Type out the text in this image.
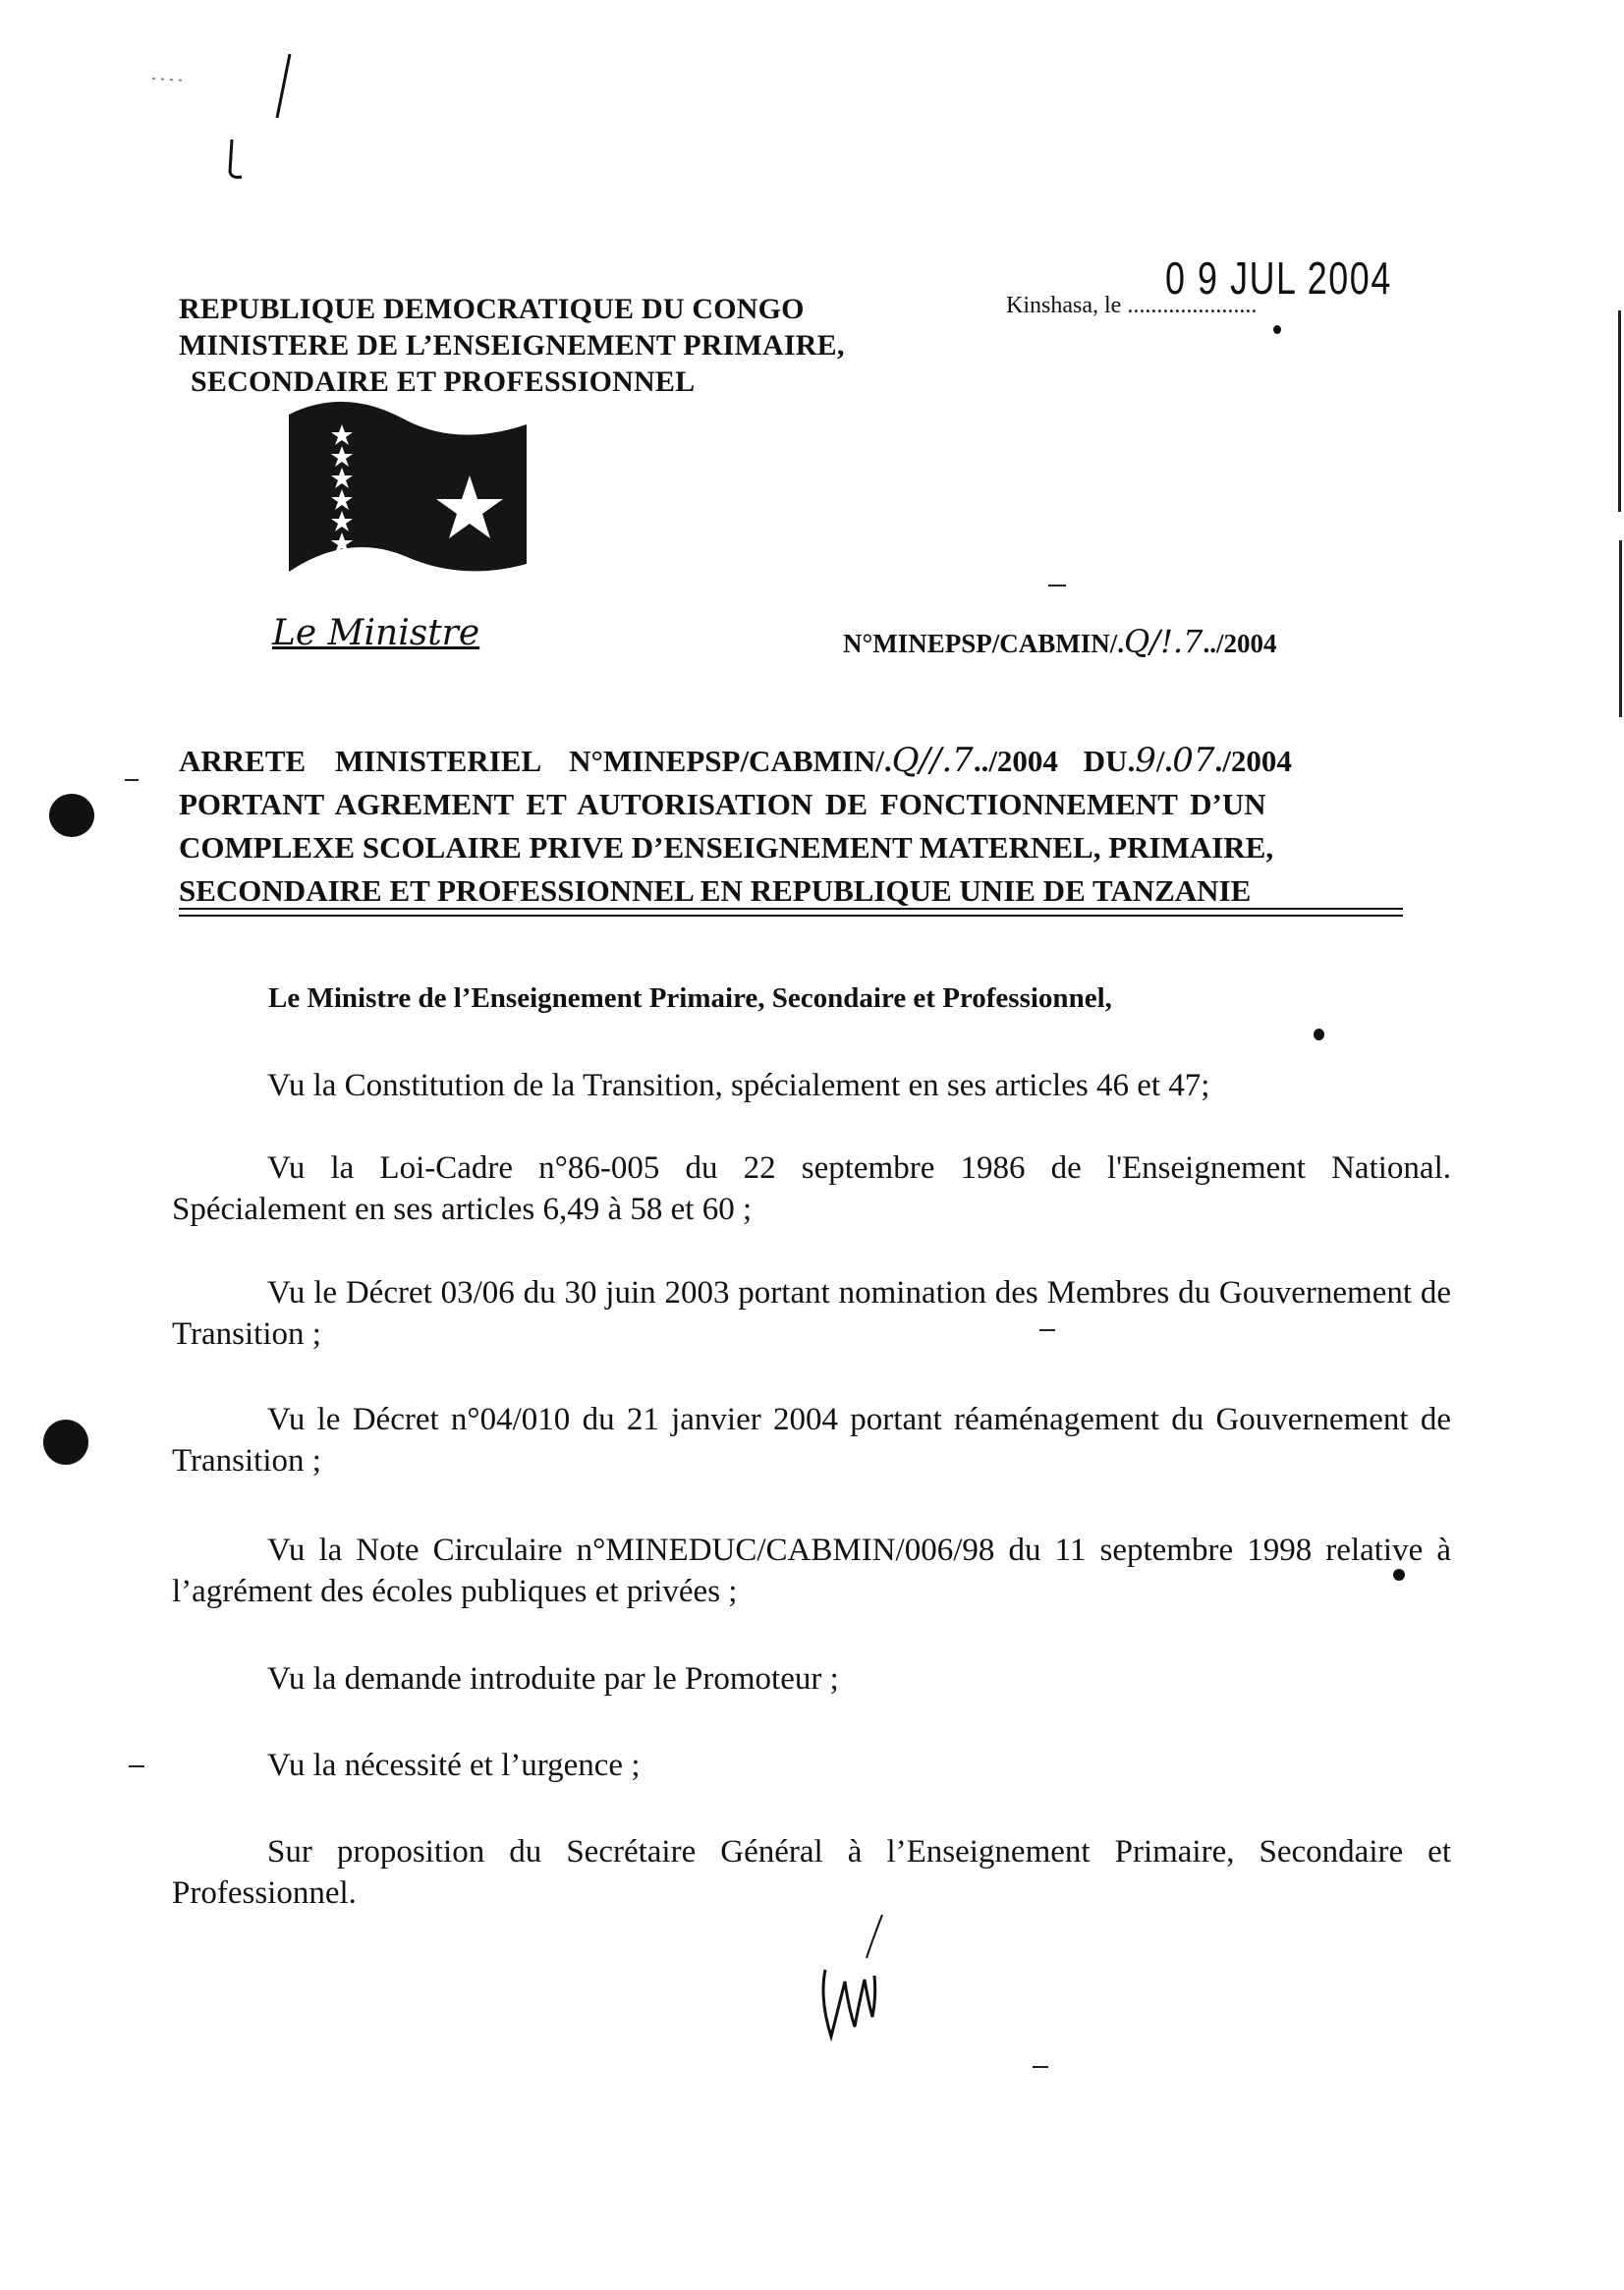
REPUBLIQUE DEMOCRATIQUE DU CONGO
MINISTERE DE L’ENSEIGNEMENT PRIMAIRE,
SECONDAIRE ET PROFESSIONNEL
Kinshasa, le ......................
0 9 JUL 2004
Le Ministre	N°MINEPSP/CABMIN/.Q/!.7../2004
ARRETE MINISTERIEL N°MINEPSP/CABMIN/.Q//.7../2004 DU.9/.07./2004
PORTANT AGREMENT ET AUTORISATION DE FONCTIONNEMENT D’UN
COMPLEXE SCOLAIRE PRIVE D’ENSEIGNEMENT MATERNEL, PRIMAIRE,
SECONDAIRE ET PROFESSIONNEL EN REPUBLIQUE UNIE DE TANZANIE
Le Ministre de l’Enseignement Primaire, Secondaire et Professionnel,
Vu la Constitution de la Transition, spécialement en ses articles 46 et 47;
Vu la Loi-Cadre n°86-005 du 22 septembre 1986 de l'Enseignement National. Spécialement en ses articles 6,49 à 58 et 60 ;
Vu le Décret 03/06 du 30 juin 2003 portant nomination des Membres du Gouvernement de Transition ;
Vu le Décret n°04/010 du 21 janvier 2004 portant réaménagement du Gouvernement de Transition ;
Vu la Note Circulaire n°MINEDUC/CABMIN/006/98 du 11 septembre 1998 relative à l’agrément des écoles publiques et privées ;
Vu la demande introduite par le Promoteur ;
Vu la nécessité et l’urgence ;
Sur proposition du Secrétaire Général à l’Enseignement Primaire, Secondaire et Professionnel.
